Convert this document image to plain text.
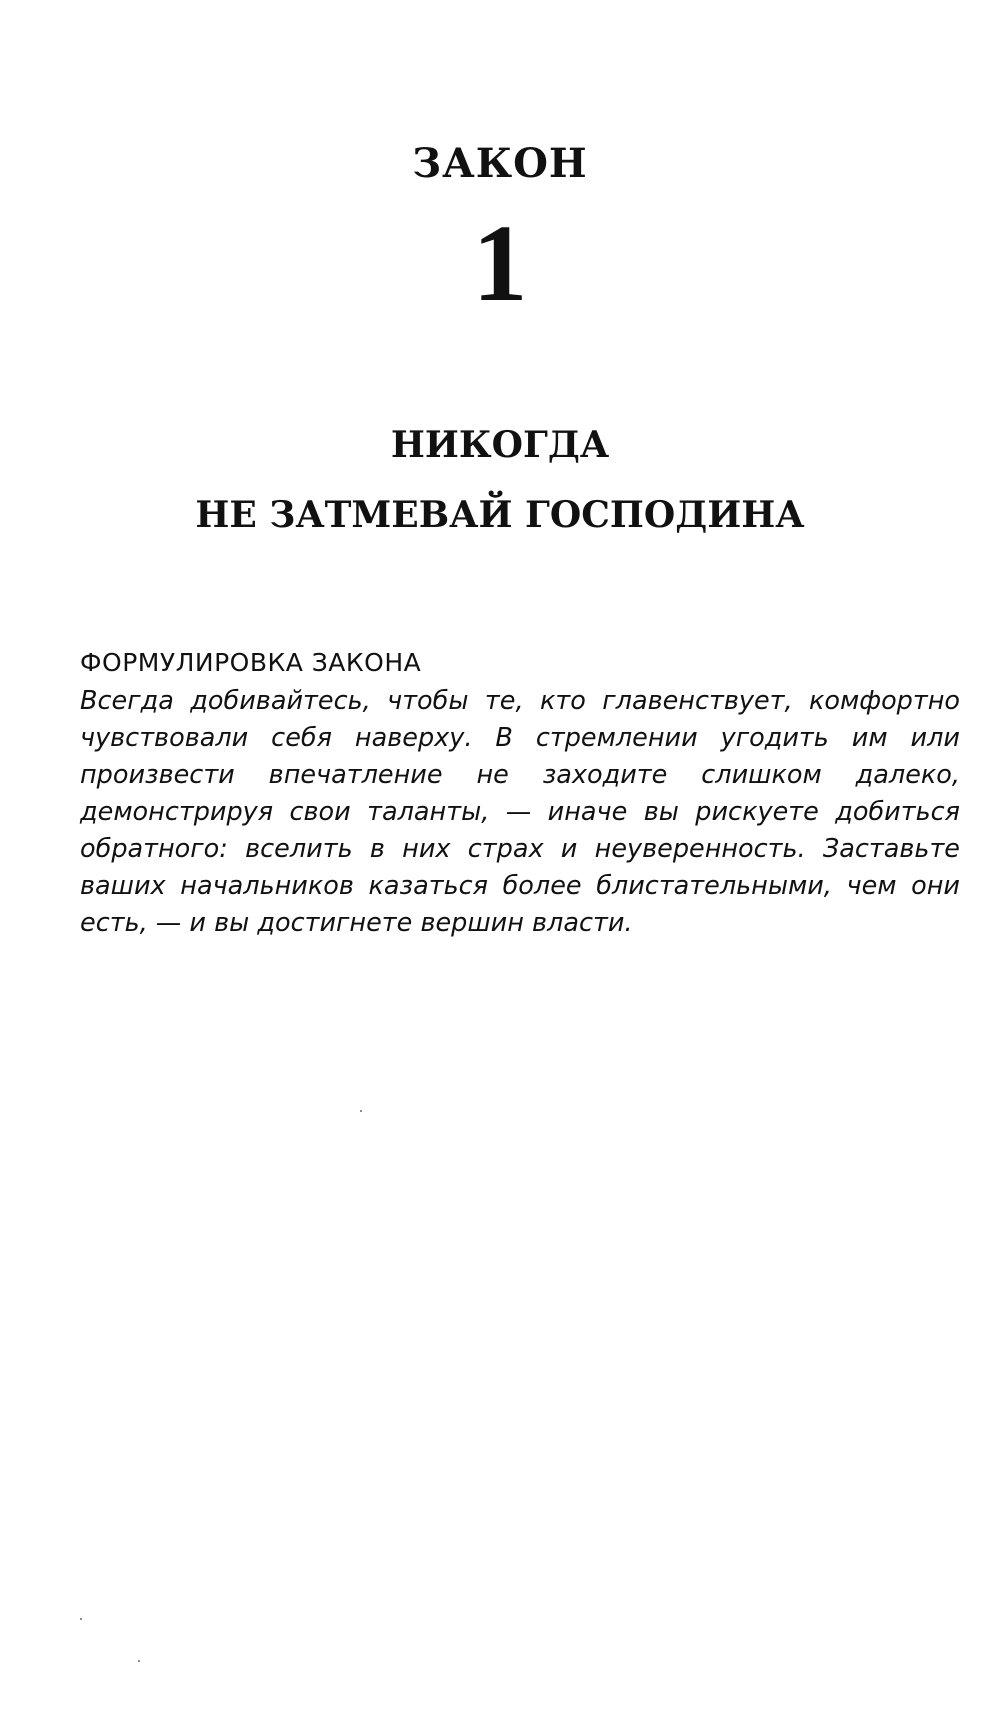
ЗАКОН
1
НИКОГДА
НЕ ЗАТМЕВАЙ ГОСПОДИНА
ФОРМУЛИРОВКА ЗАКОНА

Всегда добивайтесь, чтобы те, кто главенствует, комфортно чувствовали себя наверху. В стремлении угодить им или произвести впечатление не заходите слишком далеко, демонстрируя свои таланты, — иначе вы рискуете добиться обратного: вселить в них страх и неуверенность. Заставьте ваших начальников казаться более блистательными, чем они есть, — и вы достигнете вершин власти.
